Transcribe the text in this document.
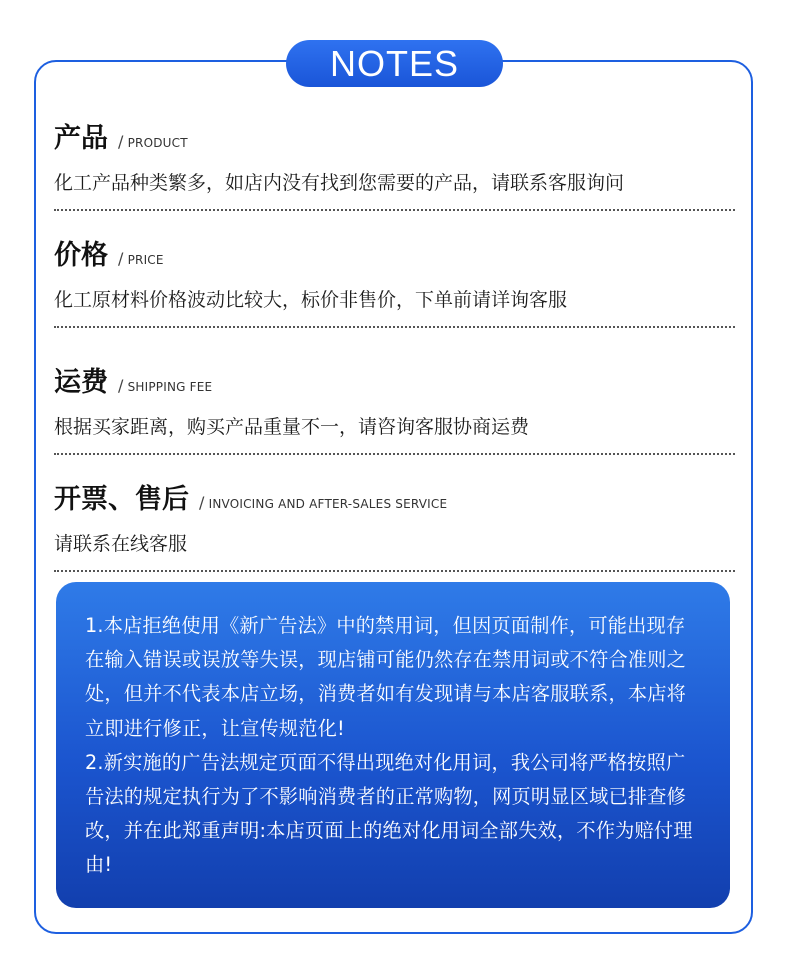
NOTES
产品 / PRODUCT
化工产品种类繁多，如店内没有找到您需要的产品，请联系客服询问
价格 / PRICE
化工原材料价格波动比较大，标价非售价，下单前请详询客服
运费 / SHIPPING FEE
根据买家距离，购买产品重量不一，请咨询客服协商运费
开票、售后 / INVOICING AND AFTER-SALES SERVICE
请联系在线客服

1.本店拒绝使用《新广告法》中的禁用词，但因页面制作，可能出现存在输入错误或误放等失误，现店铺可能仍然存在禁用词或不符合准则之处，但并不代表本店立场，消费者如有发现请与本店客服联系，本店将立即进行修正，让宣传规范化!

2.新实施的广告法规定页面不得出现绝对化用词，我公司将严格按照广告法的规定执行为了不影响消费者的正常购物，网页明显区域已排查修改，并在此郑重声明:本店页面上的绝对化用词全部失效，不作为赔付理由!
